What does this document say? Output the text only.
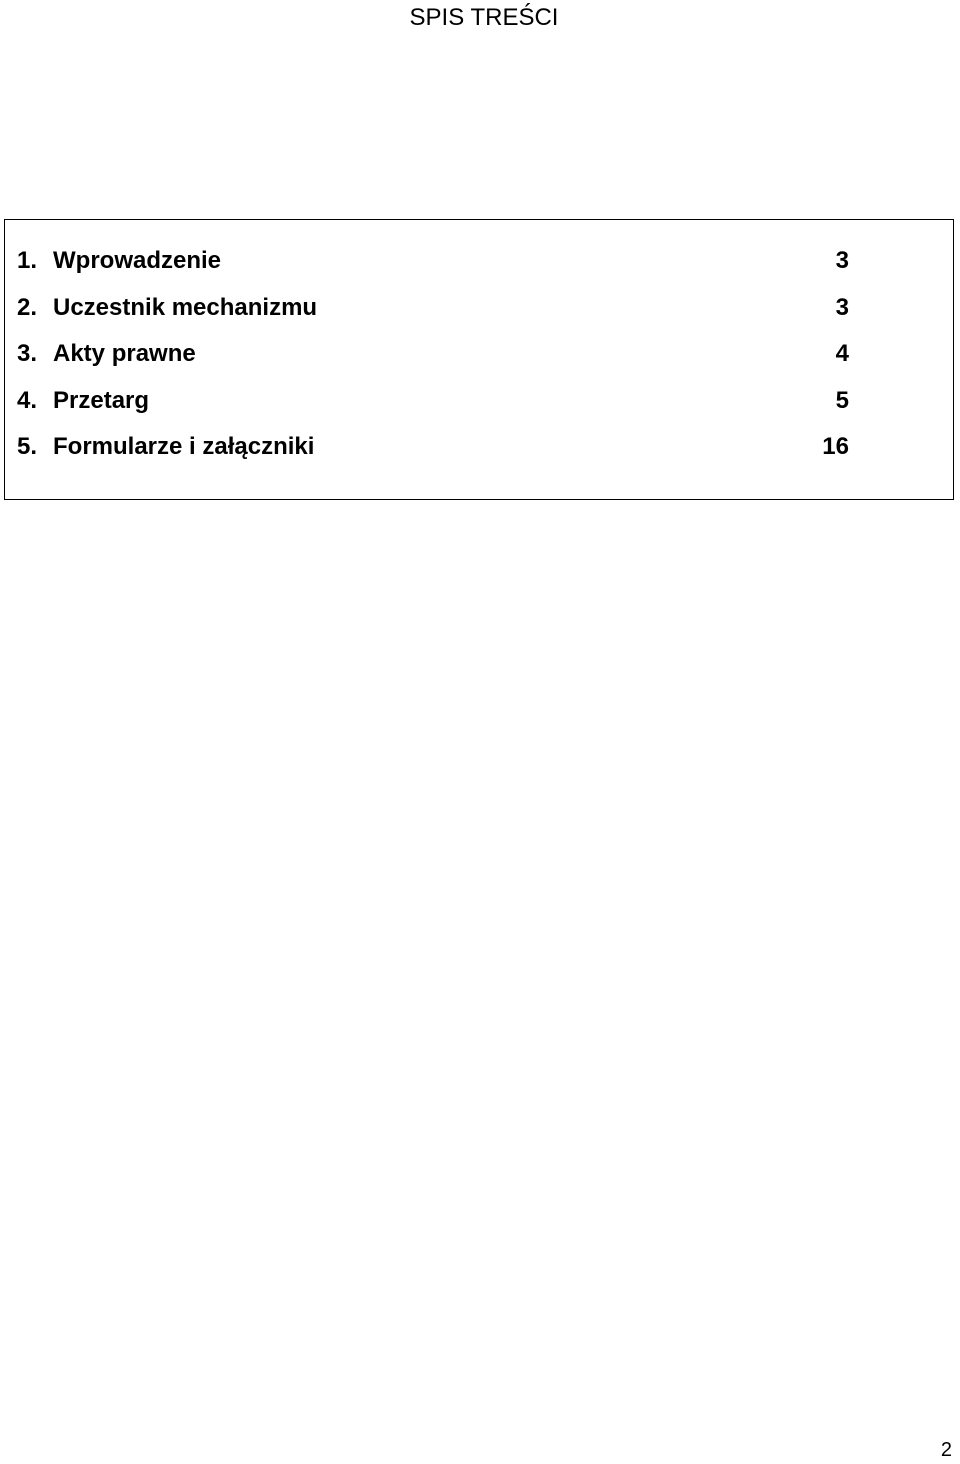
SPIS TREŚCI
1. Wprowadzenie	3
2. Uczestnik mechanizmu	3
3. Akty prawne	4
4. Przetarg	5
5. Formularze i załączniki	16
2
